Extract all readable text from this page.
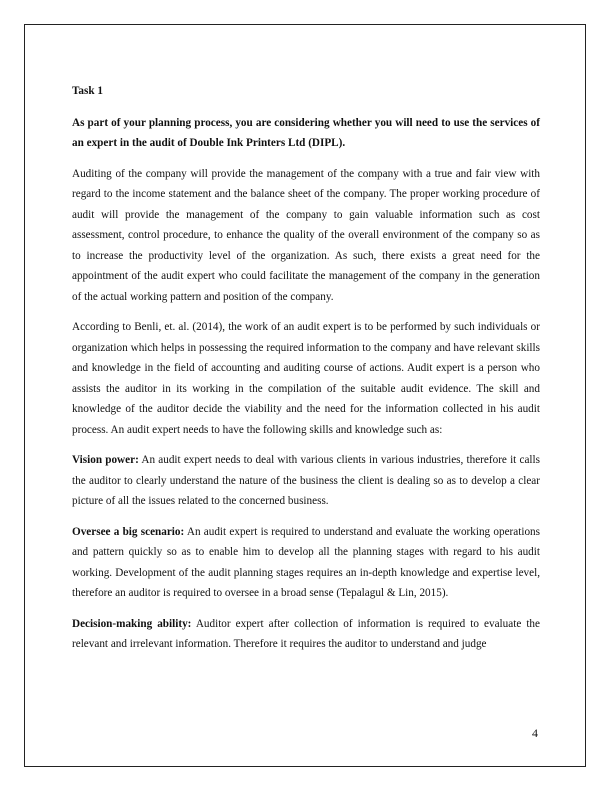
Task 1
As part of your planning process, you are considering whether you will need to use the services of an expert in the audit of Double Ink Printers Ltd (DIPL).

Auditing of the company will provide the management of the company with a true and fair view with regard to the income statement and the balance sheet of the company. The proper working procedure of audit will provide the management of the company to gain valuable information such as cost assessment, control procedure, to enhance the quality of the overall environment of the company so as to increase the productivity level of the organization. As such, there exists a great need for the appointment of the audit expert who could facilitate the management of the company in the generation of the actual working pattern and position of the company.

According to Benli, et. al. (2014), the work of an audit expert is to be performed by such individuals or organization which helps in possessing the required information to the company and have relevant skills and knowledge in the field of accounting and auditing course of actions. Audit expert is a person who assists the auditor in its working in the compilation of the suitable audit evidence. The skill and knowledge of the auditor decide the viability and the need for the information collected in his audit process. An audit expert needs to have the following skills and knowledge such as:

Vision power: An audit expert needs to deal with various clients in various industries, therefore it calls the auditor to clearly understand the nature of the business the client is dealing so as to develop a clear picture of all the issues related to the concerned business.

Oversee a big scenario: An audit expert is required to understand and evaluate the working operations and pattern quickly so as to enable him to develop all the planning stages with regard to his audit working. Development of the audit planning stages requires an in-depth knowledge and expertise level, therefore an auditor is required to oversee in a broad sense (Tepalagul & Lin, 2015).

Decision-making ability: Auditor expert after collection of information is required to evaluate the relevant and irrelevant information. Therefore it requires the auditor to understand and judge

4
